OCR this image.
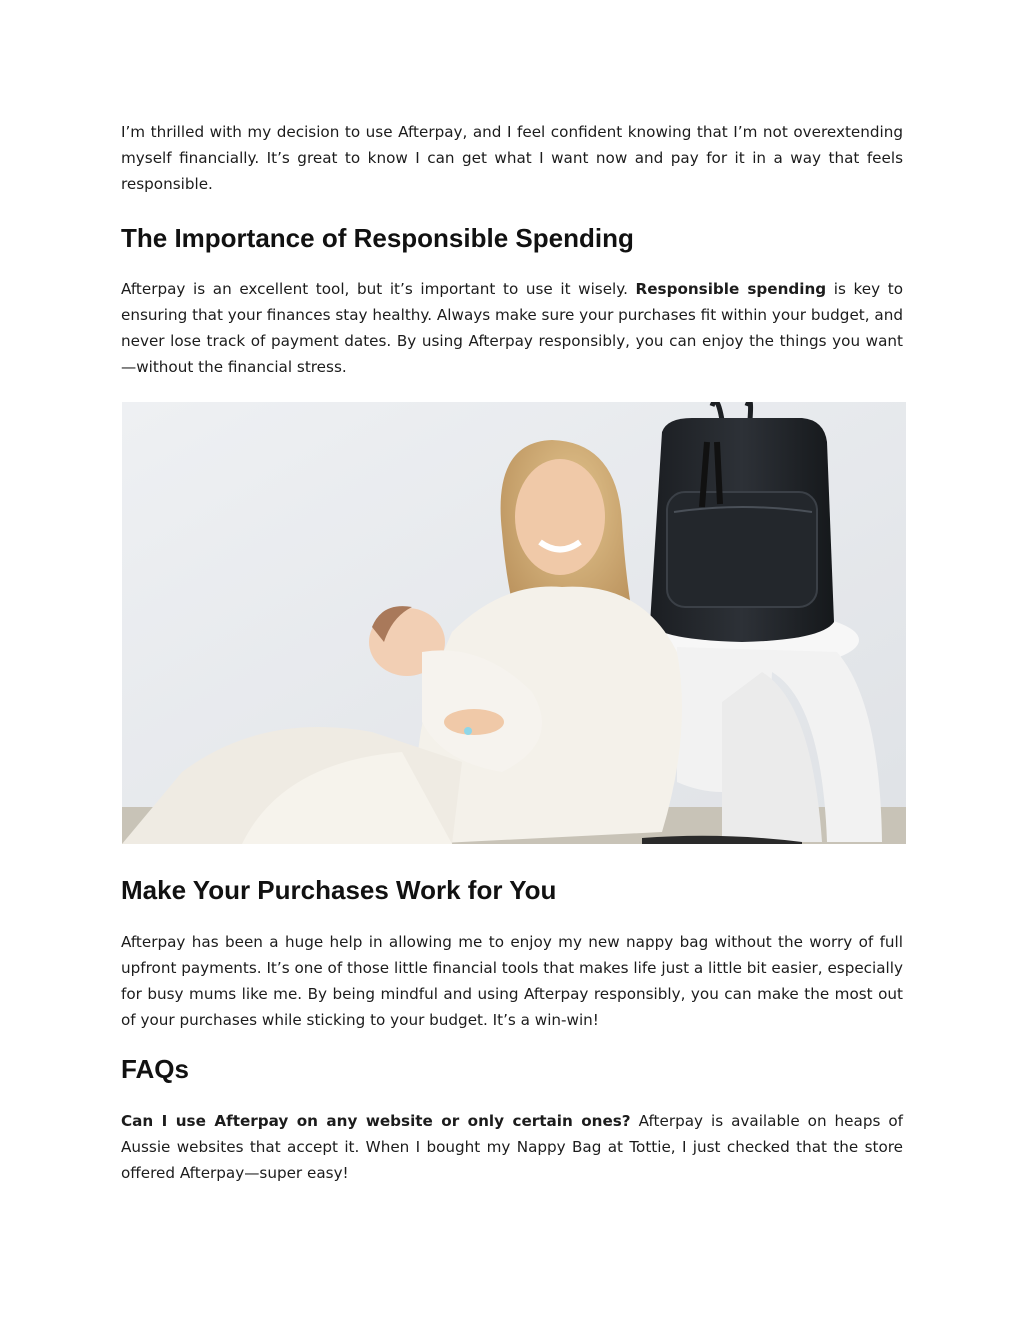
I’m thrilled with my decision to use Afterpay, and I feel confident knowing that I’m not overextending myself financially. It’s great to know I can get what I want now and pay for it in a way that feels responsible.

The Importance of Responsible Spending

Afterpay is an excellent tool, but it’s important to use it wisely. Responsible spending is key to ensuring that your finances stay healthy. Always make sure your purchases fit within your budget, and never lose track of payment dates. By using Afterpay responsibly, you can enjoy the things you want—without the financial stress.

Make Your Purchases Work for You

Afterpay has been a huge help in allowing me to enjoy my new nappy bag without the worry of full upfront payments. It’s one of those little financial tools that makes life just a little bit easier, especially for busy mums like me. By being mindful and using Afterpay responsibly, you can make the most out of your purchases while sticking to your budget. It’s a win-win!

FAQs

Can I use Afterpay on any website or only certain ones? Afterpay is available on heaps of Aussie websites that accept it. When I bought my Nappy Bag at Tottie, I just checked that the store offered Afterpay—super easy!
